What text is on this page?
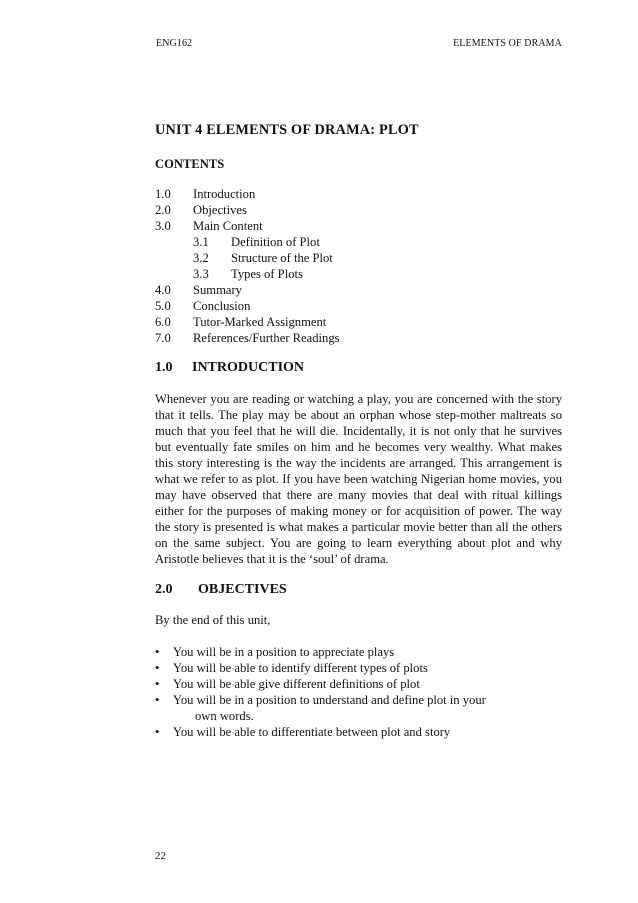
ENG162	ELEMENTS OF DRAMA
UNIT 4 ELEMENTS OF DRAMA: PLOT
CONTENTS
1.0 Introduction
2.0 Objectives
3.0 Main Content
3.1 Definition of Plot
3.2 Structure of the Plot
3.3 Types of Plots
4.0 Summary
5.0 Conclusion
6.0 Tutor-Marked Assignment
7.0 References/Further Readings
1.0 INTRODUCTION

Whenever you are reading or watching a play, you are concerned with the story that it tells. The play may be about an orphan whose step-mother maltreats so much that you feel that he will die. Incidentally, it is not only that he survives but eventually fate smiles on him and he becomes very wealthy. What makes this story interesting is the way the incidents are arranged. This arrangement is what we refer to as plot. If you have been watching Nigerian home movies, you may have observed that there are many movies that deal with ritual killings either for the purposes of making money or for acquisition of power. The way the story is presented is what makes a particular movie better than all the others on the same subject. You are going to learn everything about plot and why Aristotle believes that it is the ‘soul’ of drama.

2.0 OBJECTIVES
By the end of this unit,
• You will be in a position to appreciate plays
• You will be able to identify different types of plots
• You will be able give different definitions of plot
• You will be in a position to understand and define plot in your
own words.
• You will be able to differentiate between plot and story
22
